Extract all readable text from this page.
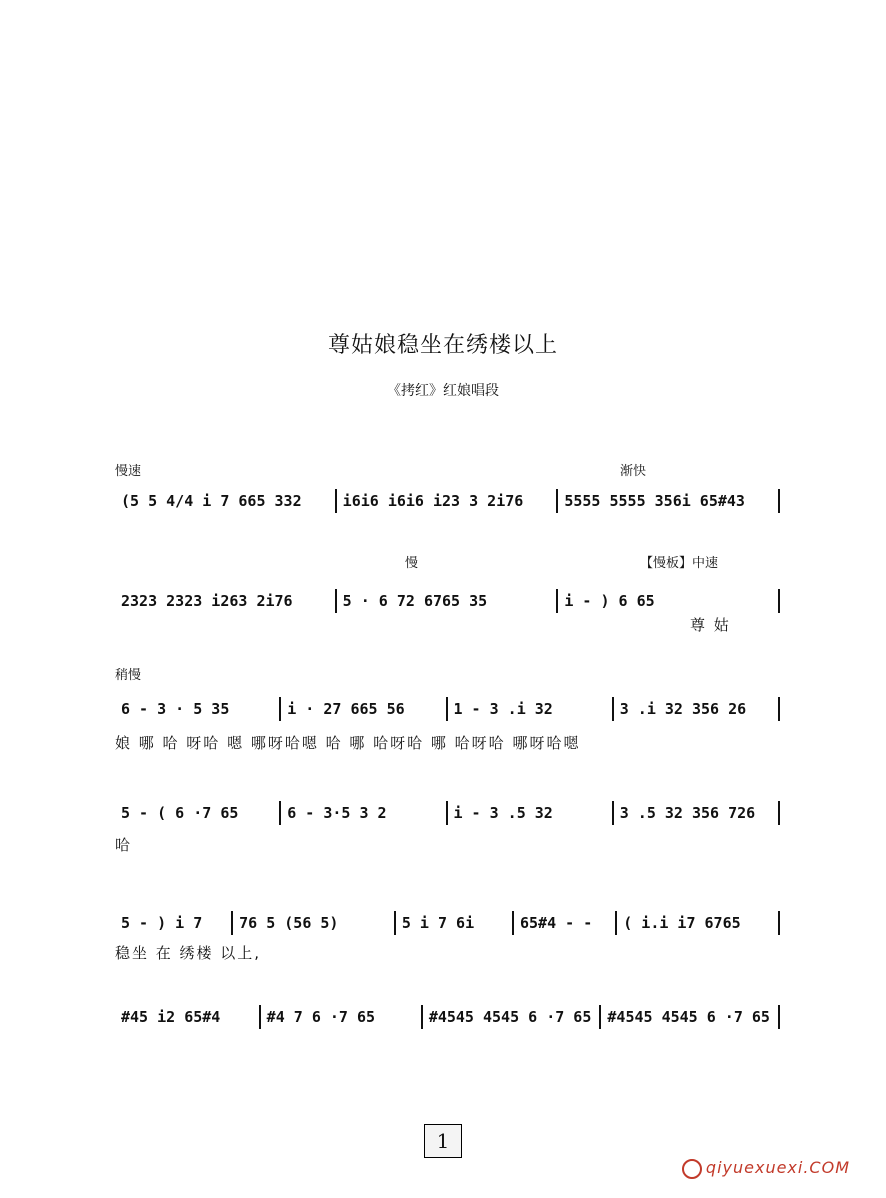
尊姑娘稳坐在绣楼以上
《拷红》红娘唱段
慢速	渐快
(5 5 4/4 i 7 665 332	i6i6 i6i6 i23 3 2i76	5555 5555 356i 65#43
慢	【慢板】中速
2323 2323 i263 2i76	5 · 6 72 6765 35	i - ) 6 65
尊 姑
稍慢
6 - 3 · 5 35	i · 27 665 56	1 - 3 .i 32	3 .i 32 356 26
娘 哪 哈 呀哈 嗯 哪呀哈嗯 哈 哪 哈呀哈 哪 哈呀哈 哪呀哈嗯
5 - ( 6 ·7 65	6 - 3·5 3 2	i - 3 .5 32	3 .5 32 356 726
哈
5 - ) i 7	76 5 (56 5)	5 i 7 6i	65#4 - -	( i.i i7 6765
稳坐 在 绣楼 以上,
#45 i2 65#4	#4 7 6 ·7 65	#4545 4545 6 ·7 65	#4545 4545 6 ·7 65
1
qiyuexuexi.COM
